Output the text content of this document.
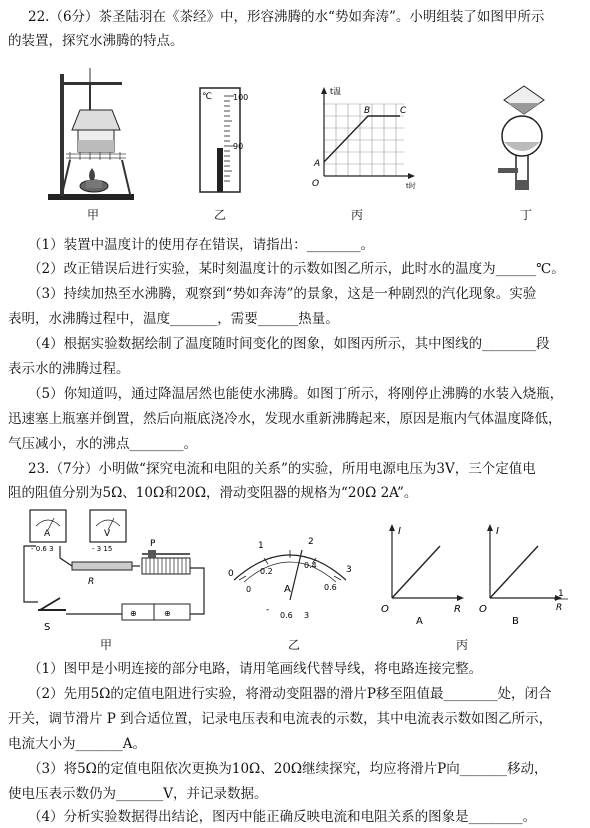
22.（6分）茶圣陆羽在《茶经》中，形容沸腾的水“势如奔涛”。小明组装了如图甲所示
的装置，探究水沸腾的特点。
甲
℃	100
90
乙
t温
t时
O
A
B	C
丙	丁
（1）装置中温度计的使用存在错误，请指出：________。
（2）改正错误后进行实验，某时刻温度计的示数如图乙所示，此时水的温度为______℃。
（3）持续加热至水沸腾，观察到“势如奔涛”的景象，这是一种剧烈的汽化现象。实验
表明，水沸腾过程中，温度_______，需要______热量。
（4）根据实验数据绘制了温度随时间变化的图象，如图丙所示，其中图线的________段
表示水的沸腾过程。
（5）你知道吗，通过降温居然也能使水沸腾。如图丁所示，将刚停止沸腾的水装入烧瓶，
迅速塞上瓶塞并倒置，然后向瓶底浇冷水，发现水重新沸腾起来，原因是瓶内气体温度降低，
气压减小，水的沸点________。
23.（7分）小明做“探究电流和电阻的关系”的实验，所用电源电压为3V，三个定值电
阻的阻值分别为5Ω、10Ω和20Ω，滑动变阻器的规格为“20Ω 2A”。
A
- 0.6 3
V
- 3 15
R
P
S
⊕	⊕
甲
0
1	2
3
0
0.2
0.4
0.6
A
-
0.6 3
乙
I
R
O
A
I
1
R
O
B
丙
（1）图甲是小明连接的部分电路，请用笔画线代替导线，将电路连接完整。
（2）先用5Ω的定值电阻进行实验，将滑动变阻器的滑片P移至阻值最________处，闭合
开关，调节滑片 P 到合适位置，记录电压表和电流表的示数，其中电流表示数如图乙所示，
电流大小为_______A。
（3）将5Ω的定值电阻依次更换为10Ω、20Ω继续探究，均应将滑片P向_______移动，
使电压表示数仍为_______V，并记录数据。
（4）分析实验数据得出结论，图丙中能正确反映电流和电阻关系的图象是________。
